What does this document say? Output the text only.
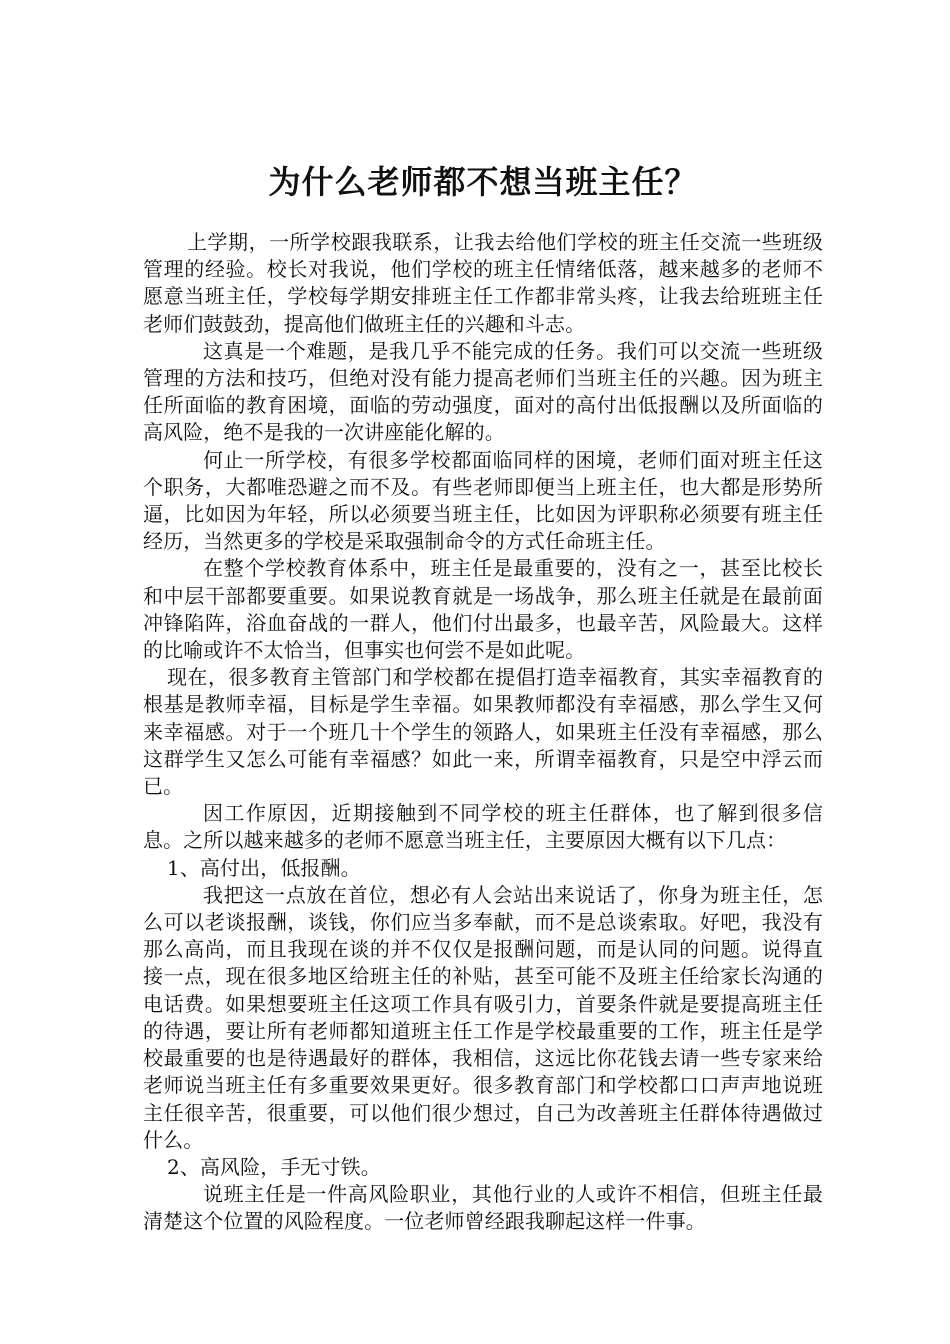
为什么老师都不想当班主任？

上学期，一所学校跟我联系，让我去给他们学校的班主任交流一些班级管理的经验。校长对我说，他们学校的班主任情绪低落，越来越多的老师不愿意当班主任，学校每学期安排班主任工作都非常头疼，让我去给班班主任老师们鼓鼓劲，提高他们做班主任的兴趣和斗志。

这真是一个难题，是我几乎不能完成的任务。我们可以交流一些班级管理的方法和技巧，但绝对没有能力提高老师们当班主任的兴趣。因为班主任所面临的教育困境，面临的劳动强度，面对的高付出低报酬以及所面临的高风险，绝不是我的一次讲座能化解的。

何止一所学校，有很多学校都面临同样的困境，老师们面对班主任这个职务，大都唯恐避之而不及。有些老师即便当上班主任，也大都是形势所逼，比如因为年轻，所以必须要当班主任，比如因为评职称必须要有班主任经历，当然更多的学校是采取强制命令的方式任命班主任。

在整个学校教育体系中，班主任是最重要的，没有之一，甚至比校长和中层干部都要重要。如果说教育就是一场战争，那么班主任就是在最前面冲锋陷阵，浴血奋战的一群人，他们付出最多，也最辛苦，风险最大。这样的比喻或许不太恰当，但事实也何尝不是如此呢。

现在，很多教育主管部门和学校都在提倡打造幸福教育，其实幸福教育的根基是教师幸福，目标是学生幸福。如果教师都没有幸福感，那么学生又何来幸福感。对于一个班几十个学生的领路人，如果班主任没有幸福感，那么这群学生又怎么可能有幸福感？如此一来，所谓幸福教育，只是空中浮云而已。

因工作原因，近期接触到不同学校的班主任群体，也了解到很多信息。之所以越来越多的老师不愿意当班主任，主要原因大概有以下几点：

1、高付出，低报酬。

我把这一点放在首位，想必有人会站出来说话了，你身为班主任，怎么可以老谈报酬，谈钱，你们应当多奉献，而不是总谈索取。好吧，我没有那么高尚，而且我现在谈的并不仅仅是报酬问题，而是认同的问题。说得直接一点，现在很多地区给班主任的补贴，甚至可能不及班主任给家长沟通的电话费。如果想要班主任这项工作具有吸引力，首要条件就是要提高班主任的待遇，要让所有老师都知道班主任工作是学校最重要的工作，班主任是学校最重要的也是待遇最好的群体，我相信，这远比你花钱去请一些专家来给老师说当班主任有多重要效果更好。很多教育部门和学校都口口声声地说班主任很辛苦，很重要，可以他们很少想过，自己为改善班主任群体待遇做过什么。

2、高风险，手无寸铁。

说班主任是一件高风险职业，其他行业的人或许不相信，但班主任最清楚这个位置的风险程度。一位老师曾经跟我聊起这样一件事。
